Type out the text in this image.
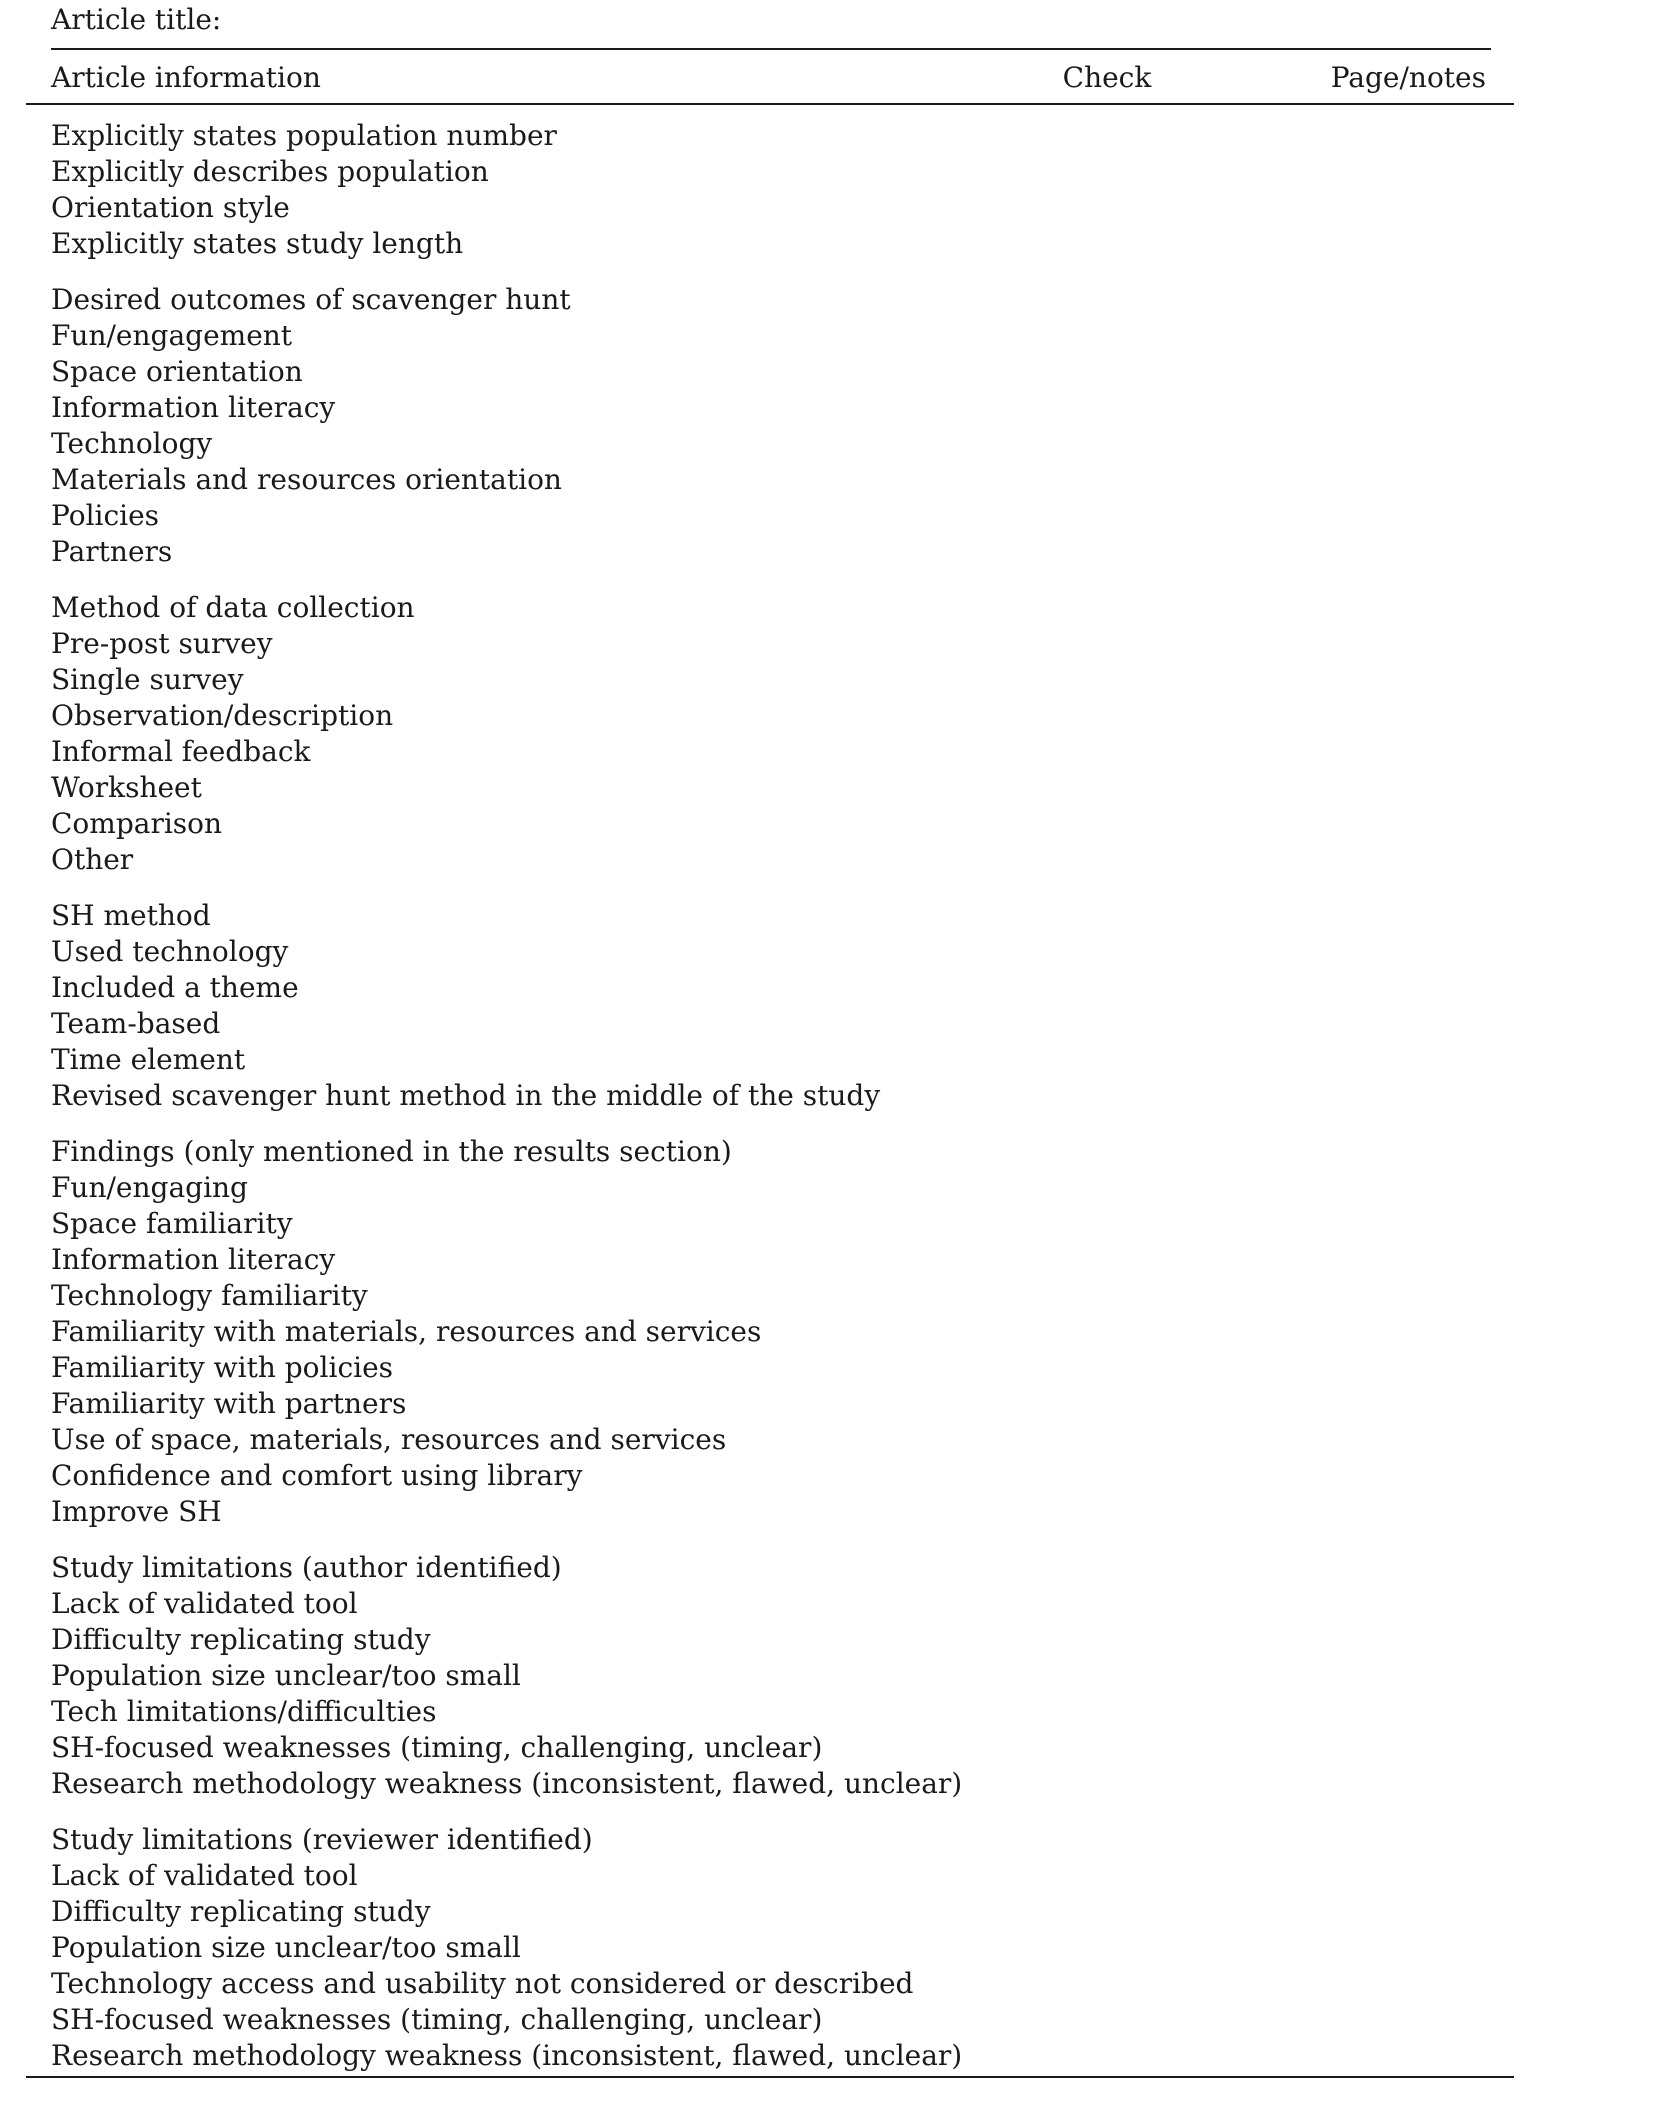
Article title:
Article information	Check	Page/notes
Explicitly states population number
Explicitly describes population
Orientation style
Explicitly states study length
Desired outcomes of scavenger hunt
Fun/engagement
Space orientation
Information literacy
Technology
Materials and resources orientation
Policies
Partners
Method of data collection
Pre-post survey
Single survey
Observation/description
Informal feedback
Worksheet
Comparison
Other
SH method
Used technology
Included a theme
Team-based
Time element
Revised scavenger hunt method in the middle of the study
Findings (only mentioned in the results section)
Fun/engaging
Space familiarity
Information literacy
Technology familiarity
Familiarity with materials, resources and services
Familiarity with policies
Familiarity with partners
Use of space, materials, resources and services
Confidence and comfort using library
Improve SH
Study limitations (author identified)
Lack of validated tool
Difficulty replicating study
Population size unclear/too small
Tech limitations/difficulties
SH-focused weaknesses (timing, challenging, unclear)
Research methodology weakness (inconsistent, flawed, unclear)
Study limitations (reviewer identified)
Lack of validated tool
Difficulty replicating study
Population size unclear/too small
Technology access and usability not considered or described
SH-focused weaknesses (timing, challenging, unclear)
Research methodology weakness (inconsistent, flawed, unclear)
